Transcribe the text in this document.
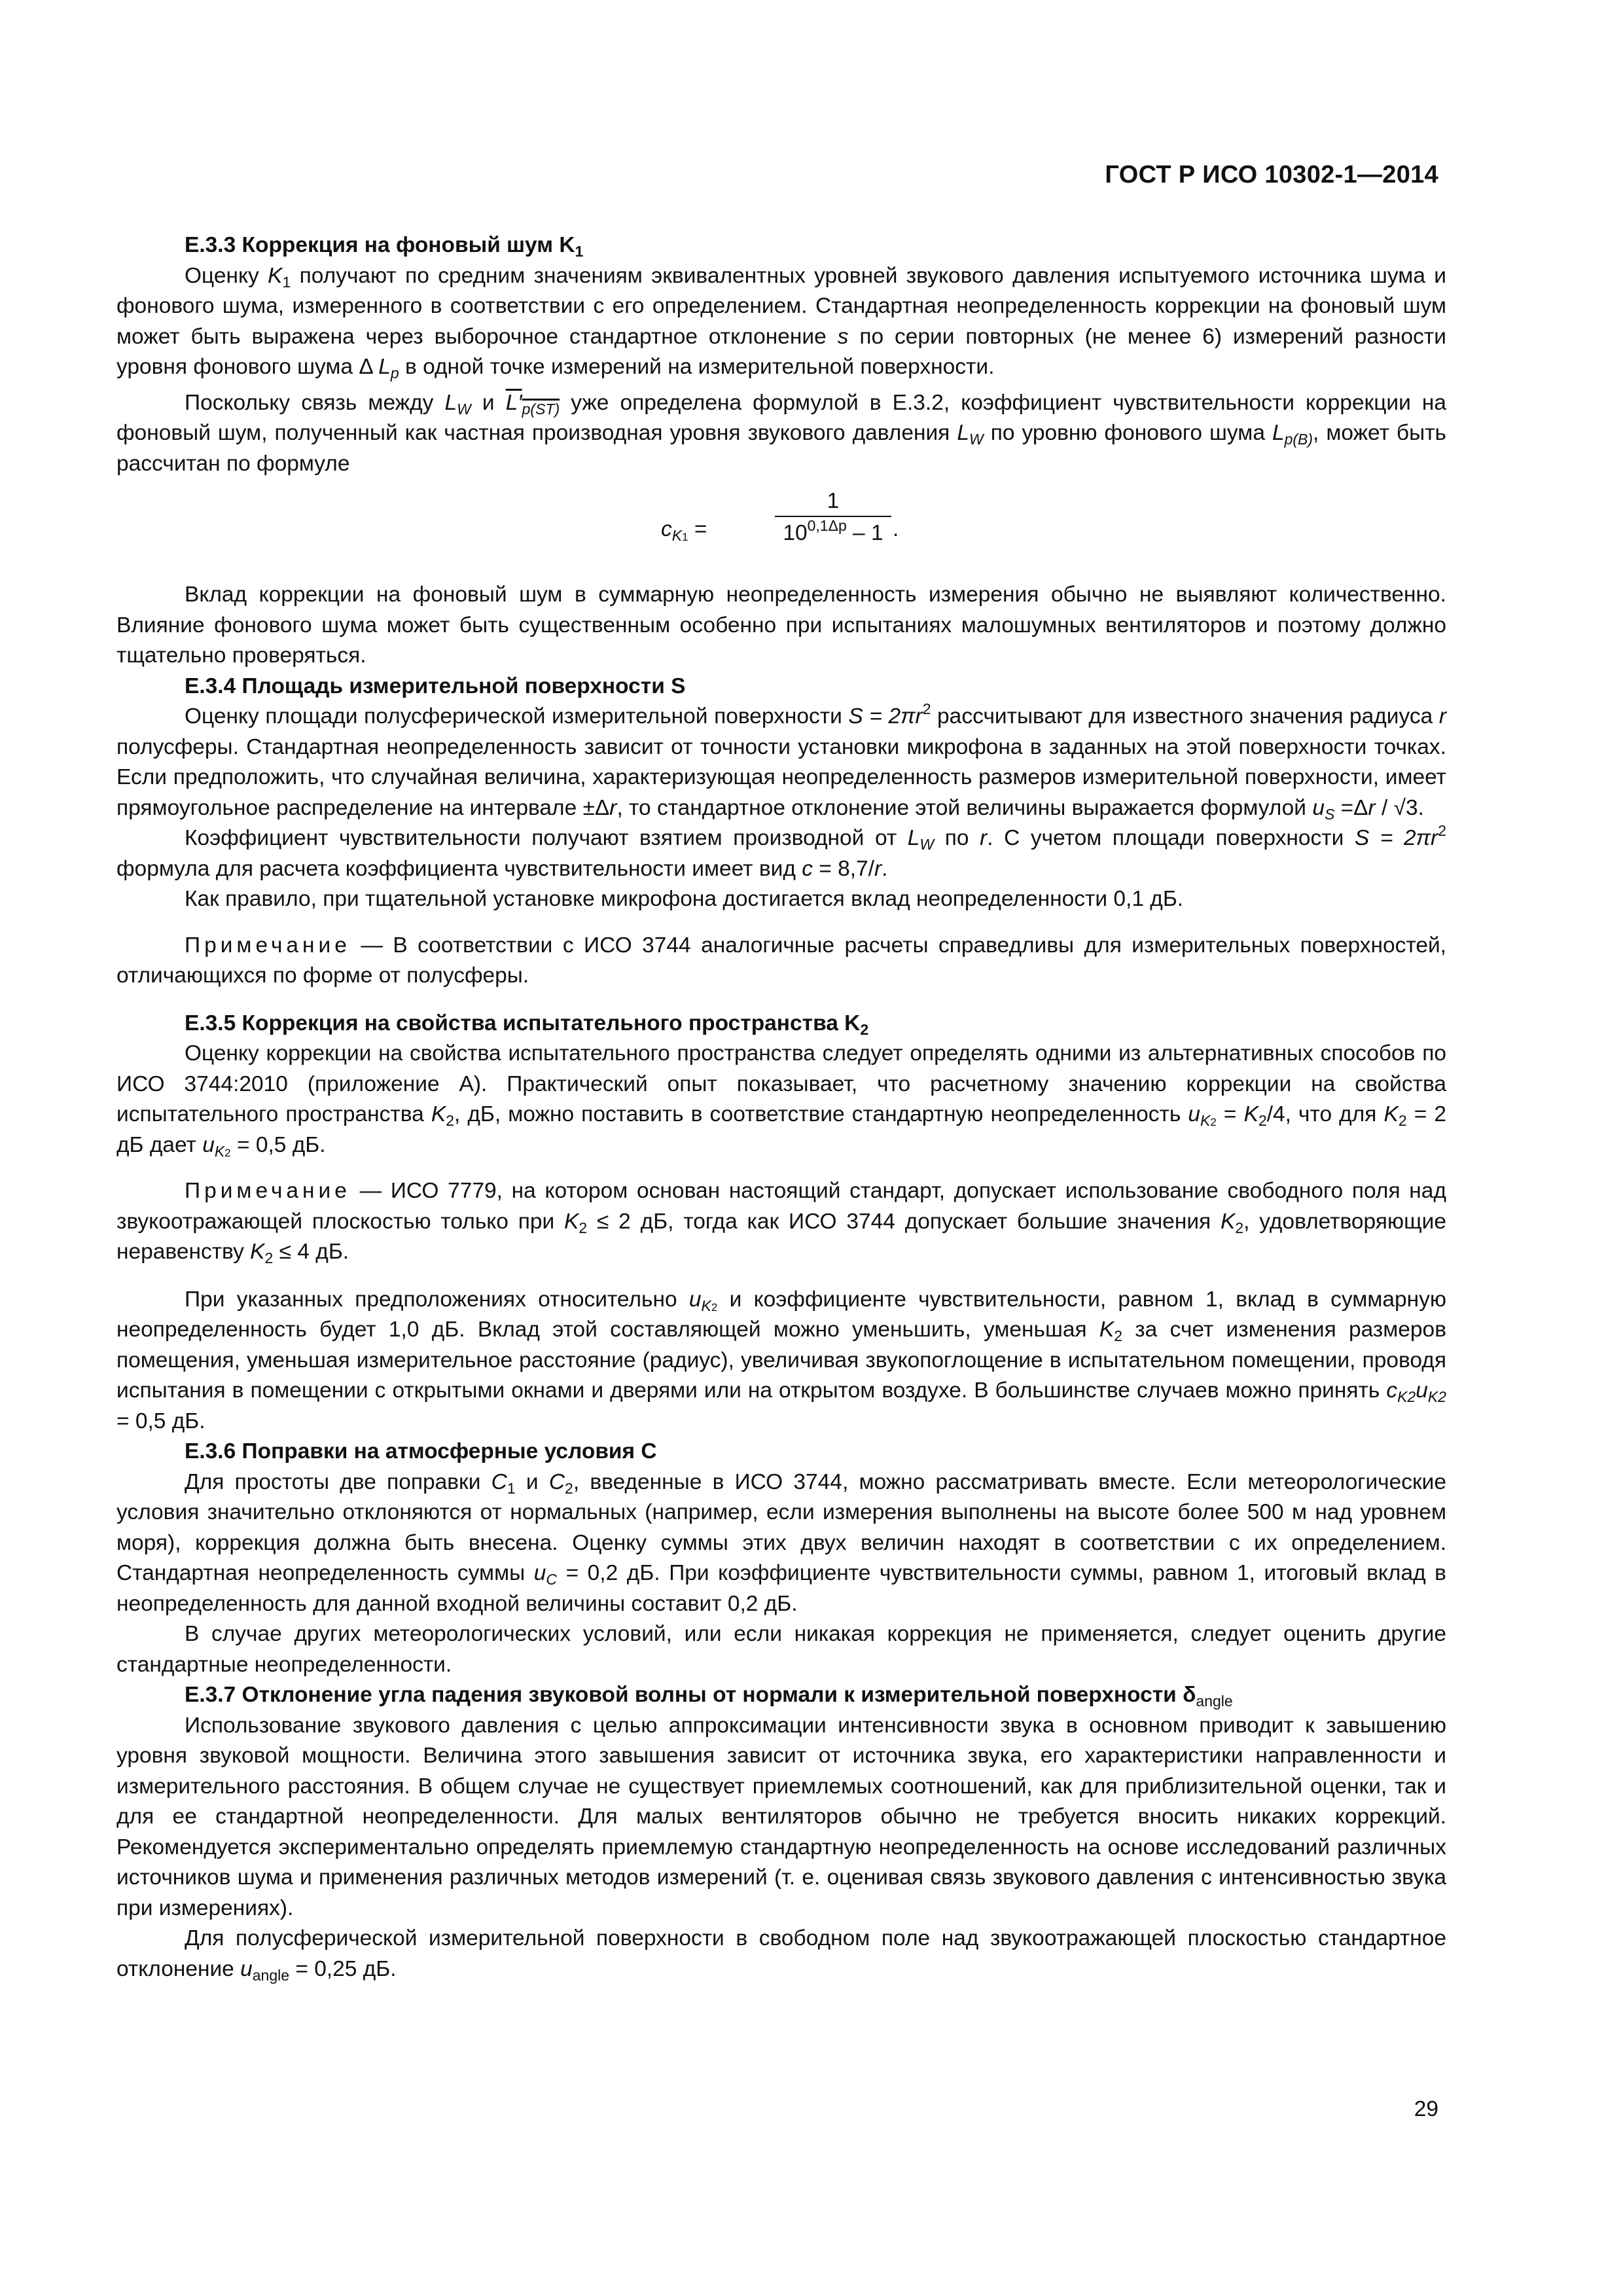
ГОСТ Р ИСО 10302-1—2014
Е.3.3 Коррекция на фоновый шум $K_1$

Оценку $K_1$ получают по средним значениям эквивалентных уровней звукового давления испытуемого источника шума и фонового шума, измеренного в соответствии с его определением. Стандартная неопределенность коррекции на фоновый шум может быть выражена через выборочное стандартное отклонение s по серии повторных (не менее 6) измерений разности уровня фонового шума Δ $L_p$ в одной точке измерений на измерительной поверхности.

Поскольку связь между $L_W$ и $L'_{p(ST)}$ уже определена формулой в Е.3.2, коэффициент чувствительности коррекции на фоновый шум, полученный как частная производная уровня звукового давления $L_W$ по уровню фонового шума $L_{p(B)}$, может быть рассчитан по формуле

$c_{K1}$ =	$\frac{1}{10^{0,1\Delta p} - 1}$ .

Вклад коррекции на фоновый шум в суммарную неопределенность измерения обычно не выявляют количественно. Влияние фонового шума может быть существенным особенно при испытаниях малошумных вентиляторов и поэтому должно тщательно проверяться.

Е.3.4 Площадь измерительной поверхности S

Оценку площади полусферической измерительной поверхности $S = 2\pi r^2$ рассчитывают для известного значения радиуса r полусферы. Стандартная неопределенность зависит от точности установки микрофона в заданных на этой поверхности точках. Если предположить, что случайная величина, характеризующая неопределенность размеров измерительной поверхности, имеет прямоугольное распределение на интервале ±Δr, то стандартное отклонение этой величины выражается формулой $u_S =\Delta r / √3$.

Коэффициент чувствительности получают взятием производной от $L_W$ по r. С учетом площади поверхности $S = 2\pi r^2$ формула для расчета коэффициента чувствительности имеет вид c = 8,7/r.

Как правило, при тщательной установке микрофона достигается вклад неопределенности 0,1 дБ.

Примечание — В соответствии с ИСО 3744 аналогичные расчеты справедливы для измерительных поверхностей, отличающихся по форме от полусферы.

Е.3.5 Коррекция на свойства испытательного пространства $K_2$

Оценку коррекции на свойства испытательного пространства следует определять одними из альтернативных способов по ИСО 3744:2010 (приложение А). Практический опыт показывает, что расчетному значению коррекции на свойства испытательного пространства $K_2$, дБ, можно поставить в соответствие стандартную неопределенность $u_{K2} = K_2/4$, что для $K_2 = 2$ дБ дает $u_{K2} = 0,5$ дБ.

Примечание — ИСО 7779, на котором основан настоящий стандарт, допускает использование свободного поля над звукоотражающей плоскостью только при $K_2 \le 2$ дБ, тогда как ИСО 3744 допускает большие значения $K_2$, удовлетворяющие неравенству $K_2 \le 4$ дБ.

При указанных предположениях относительно $u_{K2}$ и коэффициенте чувствительности, равном 1, вклад в суммарную неопределенность будет 1,0 дБ. Вклад этой составляющей можно уменьшить, уменьшая $K_2$ за счет изменения размеров помещения, уменьшая измерительное расстояние (радиус), увеличивая звукопоглощение в испытательном помещении, проводя испытания в помещении с открытыми окнами и дверями или на открытом воздухе. В большинстве случаев можно принять $c_{K2}u_{K2} = 0,5$ дБ.

Е.3.6 Поправки на атмосферные условия C

Для простоты две поправки $C_1$ и $C_2$, введенные в ИСО 3744, можно рассматривать вместе. Если метеорологические условия значительно отклоняются от нормальных (например, если измерения выполнены на высоте более 500 м над уровнем моря), коррекция должна быть внесена. Оценку суммы этих двух величин находят в соответствии с их определением. Стандартная неопределенность суммы $u_C = 0,2$ дБ. При коэффициенте чувствительности суммы, равном 1, итоговый вклад в неопределенность для данной входной величины составит 0,2 дБ.

В случае других метеорологических условий, или если никакая коррекция не применяется, следует оценить другие стандартные неопределенности.

Е.3.7 Отклонение угла падения звуковой волны от нормали к измерительной поверхности $\delta_{angle}$

Использование звукового давления с целью аппроксимации интенсивности звука в основном приводит к завышению уровня звуковой мощности. Величина этого завышения зависит от источника звука, его характеристики направленности и измерительного расстояния. В общем случае не существует приемлемых соотношений, как для приблизительной оценки, так и для ее стандартной неопределенности. Для малых вентиляторов обычно не требуется вносить никаких коррекций. Рекомендуется экспериментально определять приемлемую стандартную неопределенность на основе исследований различных источников шума и применения различных методов измерений (т. е. оценивая связь звукового давления с интенсивностью звука при измерениях).

Для полусферической измерительной поверхности в свободном поле над звукоотражающей плоскостью стандартное отклонение $u_{angle} = 0,25$ дБ.

29
